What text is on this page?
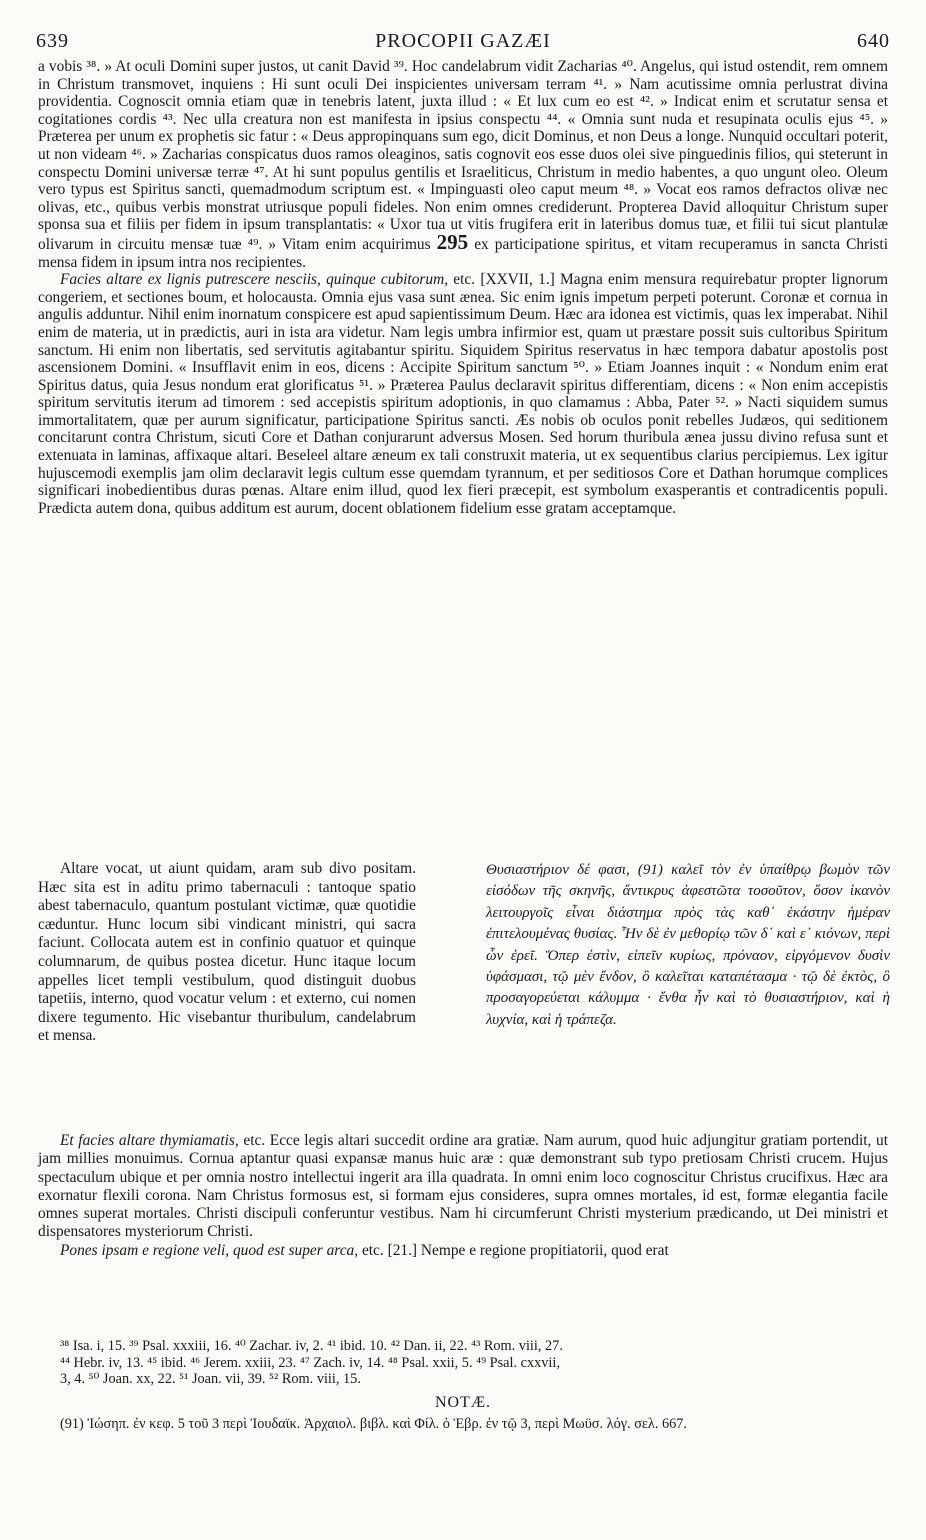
639	PROCOPII GAZÆI	640

a vobis ³⁸. » At oculi Domini super justos, ut canit David ³⁹. Hoc candelabrum vidit Zacharias ⁴⁰. Angelus, qui istud ostendit, rem omnem in Christum transmovet, inquiens : Hi sunt oculi Dei inspicientes universam terram ⁴¹. » Nam acutissime omnia perlustrat divina providentia. Cognoscit omnia etiam quæ in tenebris latent, juxta illud : « Et lux cum eo est ⁴². » Indicat enim et scrutatur sensa et cogitationes cordis ⁴³. Nec ulla creatura non est manifesta in ipsius conspectu ⁴⁴. « Omnia sunt nuda et resupinata oculis ejus ⁴⁵. » Præterea per unum ex prophetis sic fatur : « Deus appropinquans sum ego, dicit Dominus, et non Deus a longe. Nunquid occultari poterit, ut non videam ⁴⁶. » Zacharias conspicatus duos ramos oleaginos, satis cognovit eos esse duos olei sive pinguedinis filios, qui steterunt in conspectu Domini universæ terræ ⁴⁷. At hi sunt populus gentilis et Israeliticus, Christum in medio habentes, a quo ungunt oleo. Oleum vero typus est Spiritus sancti, quemadmodum scriptum est. « Impinguasti oleo caput meum ⁴⁸. » Vocat eos ramos defractos olivæ nec olivas, etc., quibus verbis monstrat utriusque populi fideles. Non enim omnes crediderunt. Propterea David alloquitur Christum super sponsa sua et filiis per fidem in ipsum transplantatis: « Uxor tua ut vitis frugifera erit in lateribus domus tuæ, et filii tui sicut plantulæ olivarum in circuitu mensæ tuæ ⁴⁹. » Vitam enim acquirimus 295 ex participatione spiritus, et vitam recuperamus in sancta Christi mensa fidem in ipsum intra nos recipientes.

Facies altare ex lignis putrescere nesciis, quinque cubitorum, etc. [XXVII, 1.] Magna enim mensura requirebatur propter lignorum congeriem, et sectiones boum, et holocausta. Omnia ejus vasa sunt ænea. Sic enim ignis impetum perpeti poterunt. Coronæ et cornua in angulis adduntur. Nihil enim inornatum conspicere est apud sapientissimum Deum. Hæc ara idonea est victimis, quas lex imperabat. Nihil enim de materia, ut in prædictis, auri in ista ara videtur. Nam legis umbra infirmior est, quam ut præstare possit suis cultoribus Spiritum sanctum. Hi enim non libertatis, sed servitutis agitabantur spiritu. Siquidem Spiritus reservatus in hæc tempora dabatur apostolis post ascensionem Domini. « Insufflavit enim in eos, dicens : Accipite Spiritum sanctum ⁵⁰. » Etiam Joannes inquit : « Nondum enim erat Spiritus datus, quia Jesus nondum erat glorificatus ⁵¹. » Præterea Paulus declaravit spiritus differentiam, dicens : « Non enim accepistis spiritum servitutis iterum ad timorem : sed accepistis spiritum adoptionis, in quo clamamus : Abba, Pater ⁵². » Nacti siquidem sumus immortalitatem, quæ per aurum significatur, participatione Spiritus sancti. Æs nobis ob oculos ponit rebelles Judæos, qui seditionem concitarunt contra Christum, sicuti Core et Dathan conjurarunt adversus Mosen. Sed horum thuribula ænea jussu divino refusa sunt et extenuata in laminas, affixaque altari. Beseleel altare æneum ex tali construxit materia, ut ex sequentibus clarius percipiemus. Lex igitur hujuscemodi exemplis jam olim declaravit legis cultum esse quemdam tyrannum, et per seditiosos Core et Dathan horumque complices significari inobedientibus duras pœnas. Altare enim illud, quod lex fieri præcepit, est symbolum exasperantis et contradicentis populi. Prædicta autem dona, quibus additum est aurum, docent oblationem fidelium esse gratam acceptamque.

Altare vocat, ut aiunt quidam, aram sub divo positam. Hæc sita est in aditu primo tabernaculi : tantoque spatio abest tabernaculo, quantum postulant victimæ, quæ quotidie cæduntur. Hunc locum sibi vindicant ministri, qui sacra faciunt. Collocata autem est in confinio quatuor et quinque columnarum, de quibus postea dicetur. Hunc itaque locum appelles licet templi vestibulum, quod distinguit duobus tapetiis, interno, quod vocatur velum : et externo, cui nomen dixere tegumento. Hic visebantur thuribulum, candelabrum et mensa.
Θυσιαστήριον δέ φασι, (91) καλεῖ τὸν ἐν ὑπαίθρῳ βωμὸν τῶν εἰσόδων τῆς σκηνῆς, ἄντικρυς ἀφεστῶτα τοσοῦτον, ὅσον ἱκανὸν λειτουργοῖς εἶναι διάστημα πρὸς τὰς καθ᾽ ἑκάστην ἡμέραν ἐπιτελουμένας θυσίας. Ἦν δὲ ἐν μεθορίῳ τῶν δ᾽ καὶ ε᾽ κιόνων, περὶ ὧν ἐρεῖ. Ὅπερ ἐστὶν, εἰπεῖν κυρίως, πρόναον, εἰργόμενον δυσὶν ὑφάσμασι, τῷ μὲν ἔνδον, ὃ καλεῖται καταπέτασμα · τῷ δὲ ἐκτὸς, ὃ προσαγορεύεται κάλυμμα · ἔνθα ἦν καὶ τὸ θυσιαστήριον, καὶ ἡ λυχνία, καὶ ἡ τράπεζα.

Et facies altare thymiamatis, etc. Ecce legis altari succedit ordine ara gratiæ. Nam aurum, quod huic adjungitur gratiam portendit, ut jam millies monuimus. Cornua aptantur quasi expansæ manus huic aræ : quæ demonstrant sub typo pretiosam Christi crucem. Hujus spectaculum ubique et per omnia nostro intellectui ingerit ara illa quadrata. In omni enim loco cognoscitur Christus crucifixus. Hæc ara exornatur flexili corona. Nam Christus formosus est, si formam ejus consideres, supra omnes mortales, id est, formæ elegantia facile omnes superat mortales. Christi discipuli conferuntur vestibus. Nam hi circumferunt Christi mysterium prædicando, ut Dei ministri et dispensatores mysteriorum Christi.

Pones ipsam e regione veli, quod est super arca, etc. [21.] Nempe e regione propitiatorii, quod erat

³⁸ Isa. i, 15. ³⁹ Psal. xxxiii, 16. ⁴⁰ Zachar. iv, 2. ⁴¹ ibid. 10. ⁴² Dan. ii, 22. ⁴³ Rom. viii, 27.
⁴⁴ Hebr. iv, 13. ⁴⁵ ibid. ⁴⁶ Jerem. xxiii, 23. ⁴⁷ Zach. iv, 14. ⁴⁸ Psal. xxii, 5. ⁴⁹ Psal. cxxvii,
3, 4. ⁵⁰ Joan. xx, 22. ⁵¹ Joan. vii, 39. ⁵² Rom. viii, 15.
NOTÆ.
(91) Ἰώσηπ. ἐν κεφ. 5 τοῦ 3 περὶ Ἰουδαϊκ. Ἀρχαιολ. βιβλ. καὶ Φίλ. ὁ Ἑβρ. ἐν τῷ 3, περὶ Μωϋσ. λόγ. σελ. 667.
